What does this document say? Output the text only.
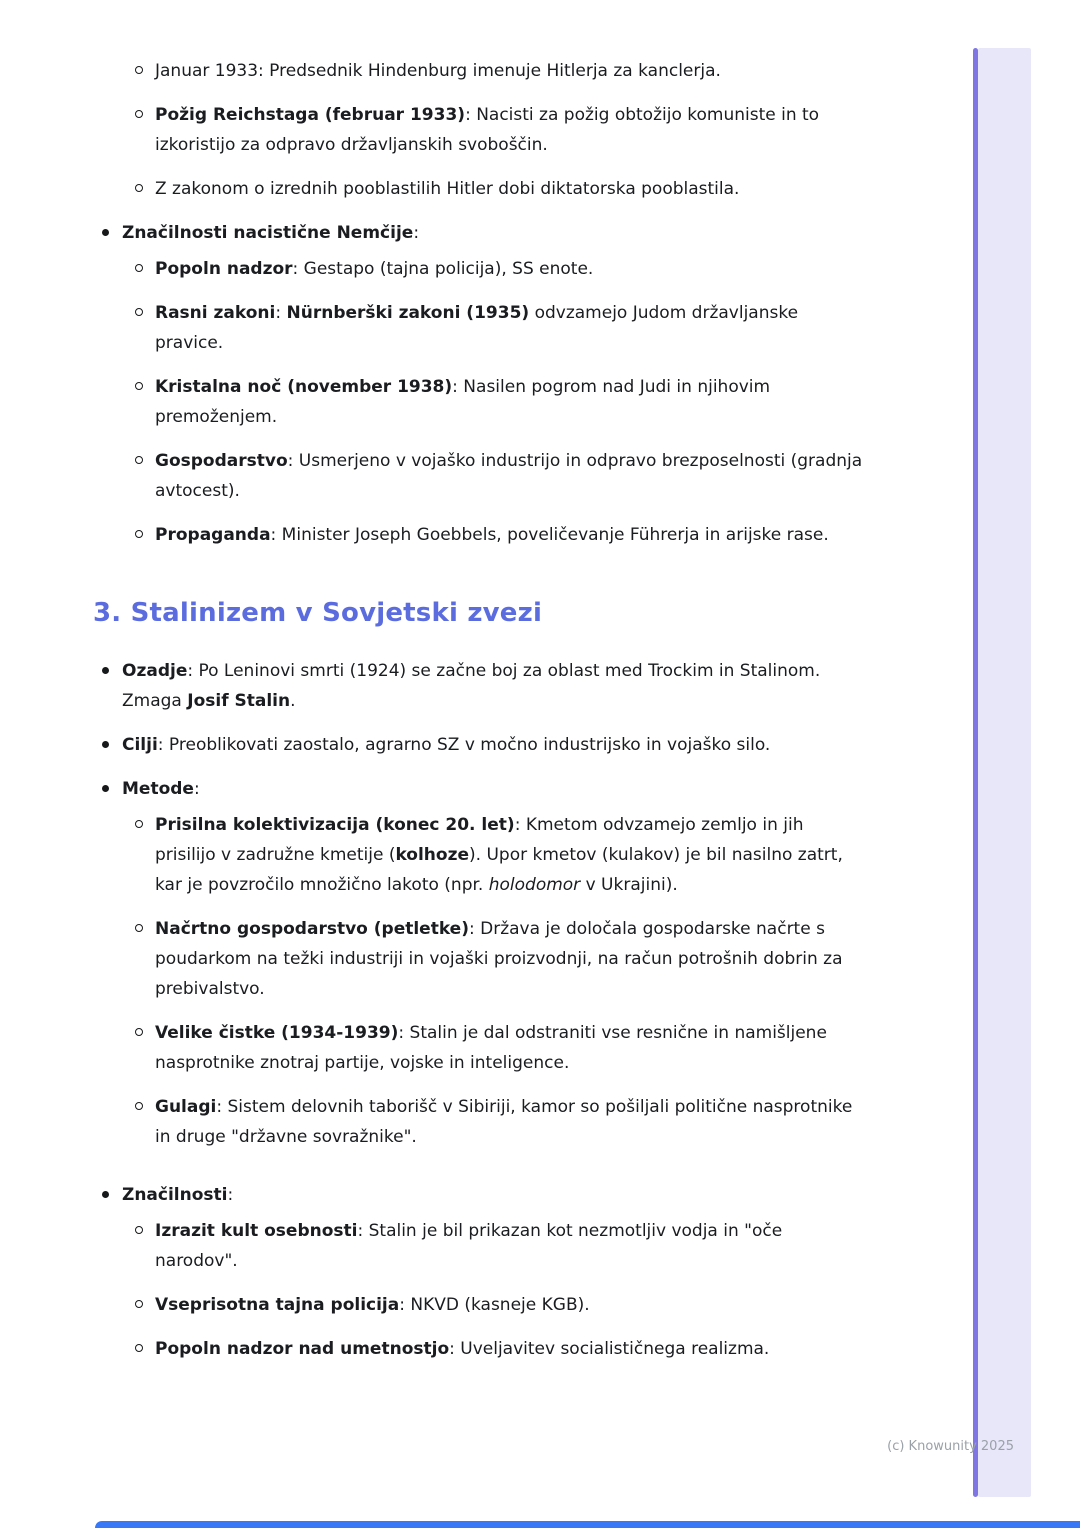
Januar 1933: Predsednik Hindenburg imenuje Hitlerja za kanclerja.

Požig Reichstaga (februar 1933): Nacisti za požig obtožijo komuniste in to izkoristijo za odpravo državljanskih svoboščin.

Z zakonom o izrednih pooblastilih Hitler dobi diktatorska pooblastila.

Značilnosti nacistične Nemčije:

Popoln nadzor: Gestapo (tajna policija), SS enote.

Rasni zakoni: Nürnberški zakoni (1935) odvzamejo Judom državljanske pravice.

Kristalna noč (november 1938): Nasilen pogrom nad Judi in njihovim premoženjem.

Gospodarstvo: Usmerjeno v vojaško industrijo in odpravo brezposelnosti (gradnja avtocest).

Propaganda: Minister Joseph Goebbels, poveličevanje Führerja in arijske rase.

3. Stalinizem v Sovjetski zvezi

Ozadje: Po Leninovi smrti (1924) se začne boj za oblast med Trockim in Stalinom. Zmaga Josif Stalin.

Cilji: Preoblikovati zaostalo, agrarno SZ v močno industrijsko in vojaško silo.

Metode:

Prisilna kolektivizacija (konec 20. let): Kmetom odvzamejo zemljo in jih prisilijo v zadružne kmetije (kolhoze). Upor kmetov (kulakov) je bil nasilno zatrt, kar je povzročilo množično lakoto (npr. holodomor v Ukrajini).

Načrtno gospodarstvo (petletke): Država je določala gospodarske načrte s poudarkom na težki industriji in vojaški proizvodnji, na račun potrošnih dobrin za prebivalstvo.

Velike čistke (1934-1939): Stalin je dal odstraniti vse resnične in namišljene nasprotnike znotraj partije, vojske in inteligence.

Gulagi: Sistem delovnih taborišč v Sibiriji, kamor so pošiljali politične nasprotnike in druge "državne sovražnike".

Značilnosti:

Izrazit kult osebnosti: Stalin je bil prikazan kot nezmotljiv vodja in "oče narodov".

Vseprisotna tajna policija: NKVD (kasneje KGB).

Popoln nadzor nad umetnostjo: Uveljavitev socialističnega realizma.

(c) Knowunity 2025
